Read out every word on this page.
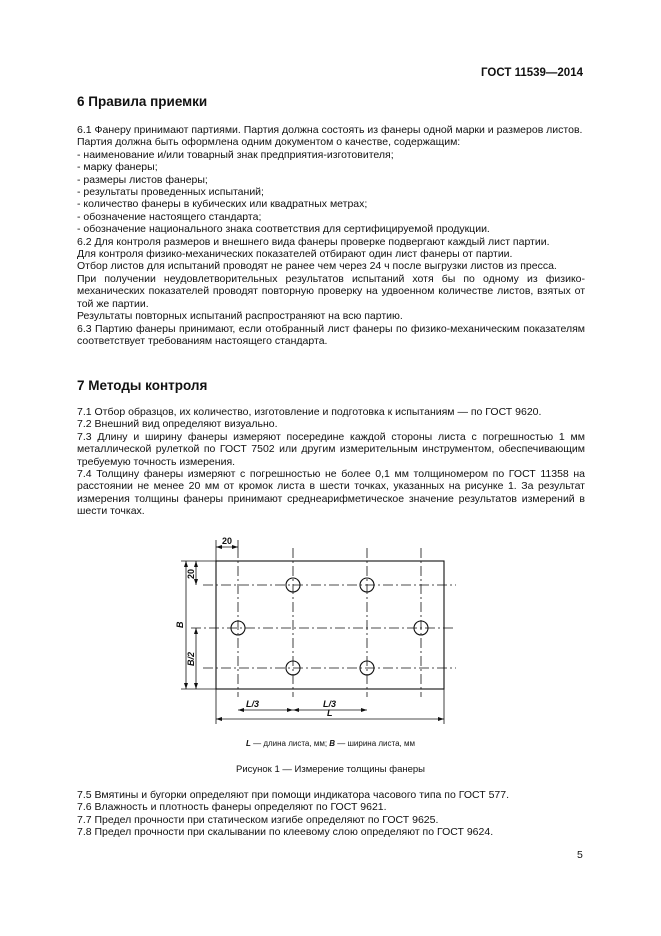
ГОСТ 11539—2014
6 Правила приемки

6.1 Фанеру принимают партиями. Партия должна состоять из фанеры одной марки и размеров листов.

Партия должна быть оформлена одним документом о качестве, содержащим:

- наименование и/или товарный знак предприятия-изготовителя;

- марку фанеры;

- размеры листов фанеры;

- результаты проведенных испытаний;

- количество фанеры в кубических или квадратных метрах;

- обозначение настоящего стандарта;

- обозначение национального знака соответствия для сертифицируемой продукции.

6.2 Для контроля размеров и внешнего вида фанеры проверке подвергают каждый лист партии.

Для контроля физико-механических показателей отбирают один лист фанеры от партии.

Отбор листов для испытаний проводят не ранее чем через 24 ч после выгрузки листов из пресса.

При получении неудовлетворительных результатов испытаний хотя бы по одному из физико-механических показателей проводят повторную проверку на удвоенном количестве листов, взятых от той же партии.

Результаты повторных испытаний распространяют на всю партию.

6.3 Партию фанеры принимают, если отобранный лист фанеры по физико-механическим показателям соответствует требованиям настоящего стандарта.

7 Методы контроля

7.1 Отбор образцов, их количество, изготовление и подготовка к испытаниям — по ГОСТ 9620.

7.2 Внешний вид определяют визуально.

7.3 Длину и ширину фанеры измеряют посередине каждой стороны листа с погрешностью 1 мм металлической рулеткой по ГОСТ 7502 или другим измерительным инструментом, обеспечивающим требуемую точность измерения.

7.4 Толщину фанеры измеряют с погрешностью не более 0,1 мм толщиномером по ГОСТ 11358 на расстоянии не менее 20 мм от кромок листа в шести точках, указанных на рисунке 1. За результат измерения толщины фанеры принимают среднеарифметическое значение результатов измерений в шести точках.

20
20
B
B/2
L/3	L/3
L
L — длина листа, мм; B — ширина листа, мм
Рисунок 1 — Измерение толщины фанеры

7.5 Вмятины и бугорки определяют при помощи индикатора часового типа по ГОСТ 577.

7.6 Влажность и плотность фанеры определяют по ГОСТ 9621.

7.7 Предел прочности при статическом изгибе определяют по ГОСТ 9625.

7.8 Предел прочности при скалывании по клеевому слою определяют по ГОСТ 9624.

5
